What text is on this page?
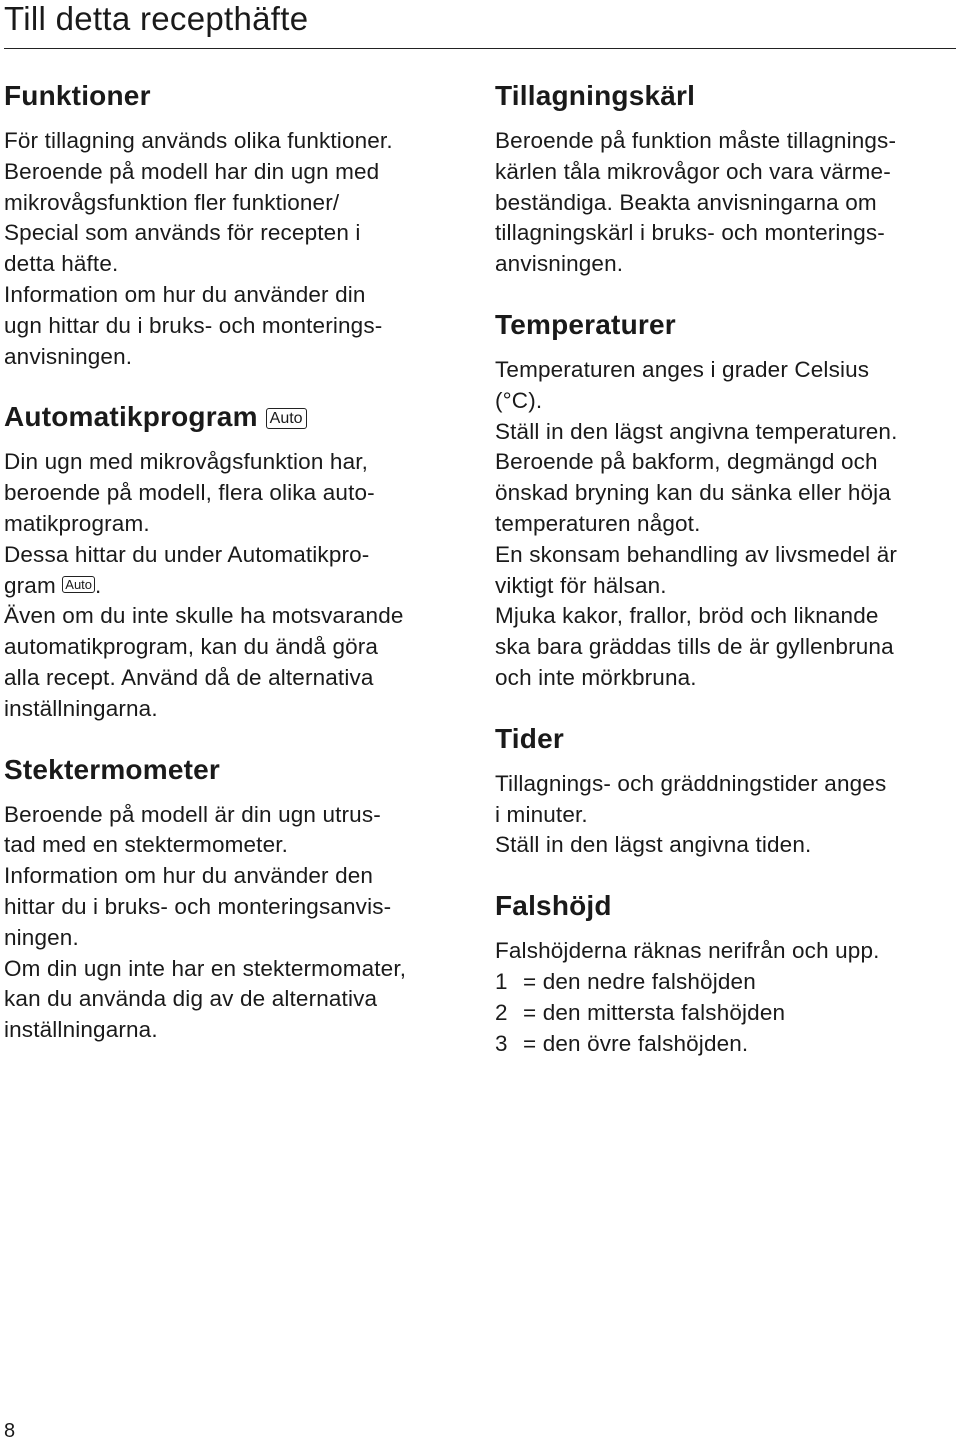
Till detta recepthäfte
Funktioner

För tillagning används olika funktioner.
Beroende på modell har din ugn med
mikrovågsfunktion fler funktioner/
Special som används för recepten i
detta häfte.
Information om hur du använder din
ugn hittar du i bruks- och monterings-
anvisningen.

Automatikprogram Auto

Din ugn med mikrovågsfunktion har,
beroende på modell, flera olika auto-
matikprogram.
Dessa hittar du under Automatikpro-
gram Auto .
Även om du inte skulle ha motsvarande
automatikprogram, kan du ändå göra
alla recept. Använd då de alternativa
inställningarna.

Stektermometer

Beroende på modell är din ugn utrus-
tad med en stektermometer.
Information om hur du använder den
hittar du i bruks- och monteringsanvis-
ningen.
Om din ugn inte har en stektermomater,
kan du använda dig av de alternativa
inställningarna.

Tillagningskärl

Beroende på funktion måste tillagnings-
kärlen tåla mikrovågor och vara värme-
beständiga. Beakta anvisningarna om
tillagningskärl i bruks- och monterings-
anvisningen.

Temperaturer

Temperaturen anges i grader Celsius
(°C).
Ställ in den lägst angivna temperaturen.
Beroende på bakform, degmängd och
önskad bryning kan du sänka eller höja
temperaturen något.
En skonsam behandling av livsmedel är
viktigt för hälsan.
Mjuka kakor, frallor, bröd och liknande
ska bara gräddas tills de är gyllenbruna
och inte mörkbruna.

Tider

Tillagnings- och gräddningstider anges
i minuter.
Ställ in den lägst angivna tiden.

Falshöjd

Falshöjderna räknas nerifrån och upp.
1 = den nedre falshöjden
2 = den mittersta falshöjden
3 = den övre falshöjden.

8
